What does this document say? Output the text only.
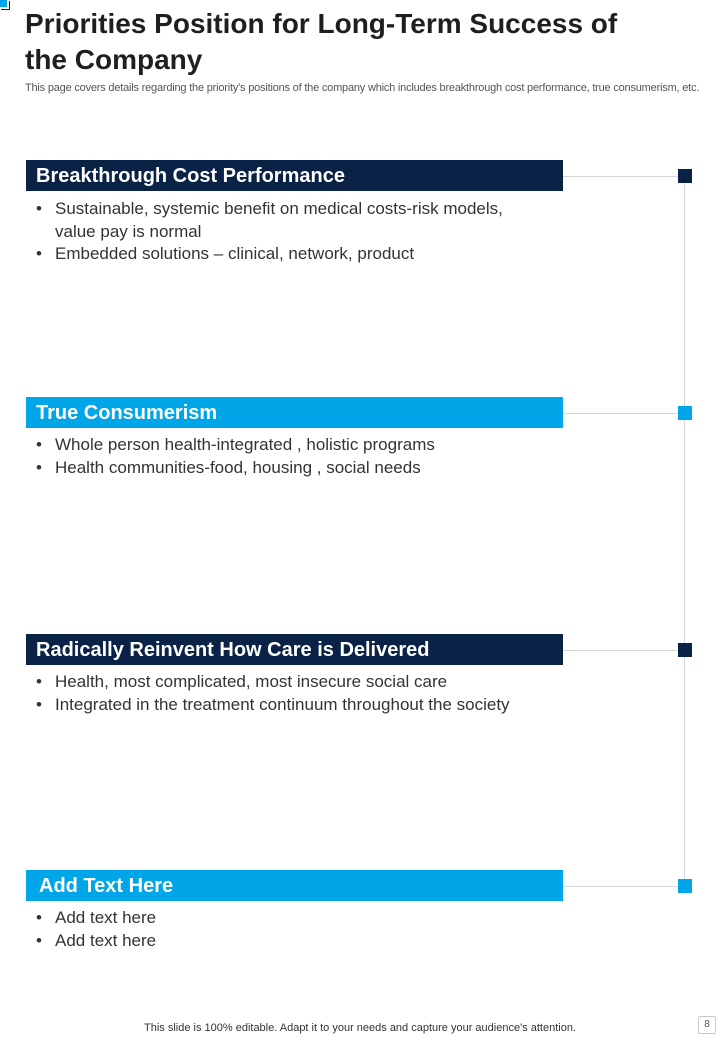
Priorities Position for Long-Term Success of the Company

This page covers details regarding the priority's positions of the company which includes breakthrough cost performance, true consumerism, etc.

Breakthrough Cost Performance
• Sustainable, systemic benefit on medical costs-risk models, value pay is normal
• Embedded solutions – clinical, network, product
True Consumerism
• Whole person health-integrated , holistic programs
• Health communities-food, housing , social needs
Radically Reinvent How Care is Delivered
• Health, most complicated, most insecure social care
• Integrated in the treatment continuum throughout the society
Add Text Here
• Add text here
• Add text here
This slide is 100% editable. Adapt it to your needs and capture your audience's attention.	8
